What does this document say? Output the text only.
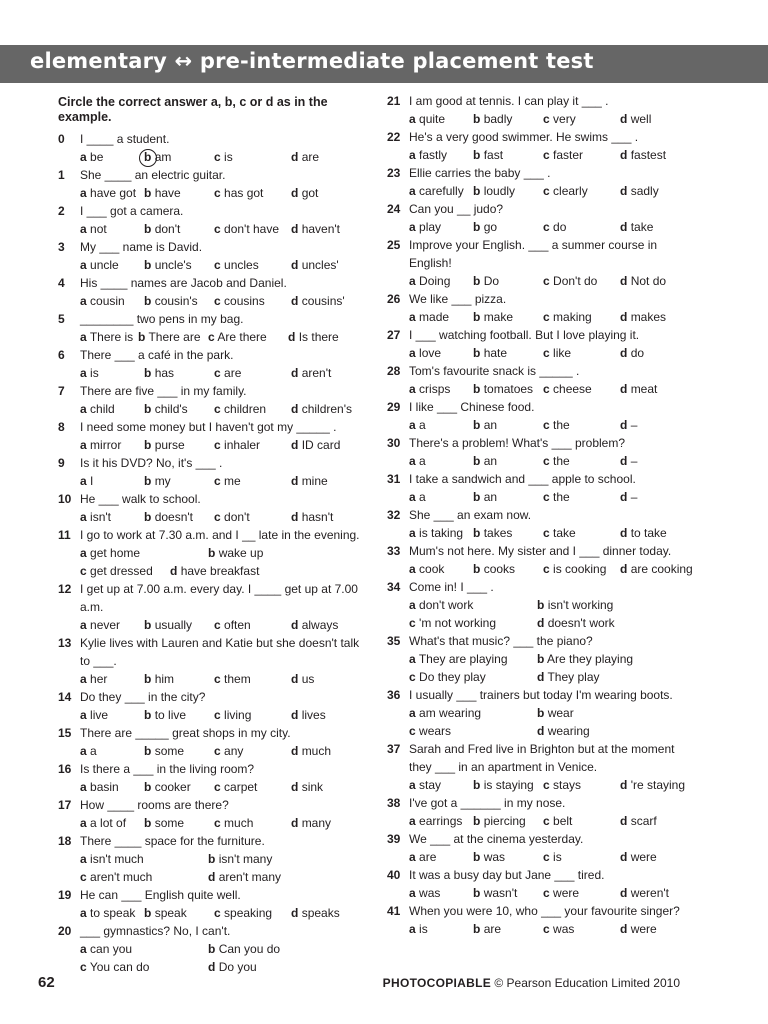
elementary ↔ pre-intermediate placement test
Circle the correct answer a, b, c or d as in the example.
0	I ____ a student.
a be	b am	c is	d are
1	She ____ an electric guitar.
a have got b have	c has got	d got
2	I ___ got a camera.
a not	b don't	c don't have d haven't
3	My ___ name is David.
a uncle	b uncle's	c uncles	d uncles'
4	His ____ names are Jacob and Daniel.
a cousin	b cousin's	c cousins	d cousins'
5	________ two pens in my bag.
a There is b There are c Are there	d Is there
6	There ___ a café in the park.
a is	b has	c are	d aren't
7	There are five ___ in my family.
a child	b child's	c children	d children's
8	I need some money but I haven't got my _____ .
a mirror	b purse	c inhaler	d ID card
9	Is it his DVD? No, it's ___ .
a I	b my	c me	d mine
10 He ___ walk to school.
a isn't	b doesn't	c don't	d hasn't
11 I go to work at 7.30 a.m. and I __ late in the evening.
a get home	b wake up
c get dressed	d have breakfast
12 I get up at 7.00 a.m. every day. I ____ get up at 7.00 a.m.
a never	b usually	c often	d always
13 Kylie lives with Lauren and Katie but she doesn't talk to ___.
a her	b him	c them	d us
14 Do they ___ in the city?
a live	b to live	c living	d lives
15 There are _____ great shops in my city.
a a	b some	c any	d much
16 Is there a ___ in the living room?
a basin	b cooker	c carpet	d sink
17 How ____ rooms are there?
a a lot of	b some	c much	d many
18 There ____ space for the furniture.
a isn't much	b isn't many
c aren't much	d aren't many
19 He can ___ English quite well.
a to speak b speak	c speaking	d speaks
20 ___ gymnastics? No, I can't.
a can you	b Can you do
c You can do	d Do you
21 I am good at tennis. I can play it ___ .
a quite	b badly	c very	d well
22 He's a very good swimmer. He swims ___ .
a fastly	b fast	c faster	d fastest
23 Ellie carries the baby ___ .
a carefully b loudly	c clearly	d sadly
24 Can you __ judo?
a play	b go	c do	d take
25 Improve your English. ___ a summer course in English!
a Doing	b Do	c Don't do	d Not do
26 We like ___ pizza.
a made	b make	c making	d makes
27 I ___ watching football. But I love playing it.
a love	b hate	c like	d do
28 Tom's favourite snack is _____ .
a crisps	b tomatoes c cheese	d meat
29 I like ___ Chinese food.
a a	b an	c the	d –
30 There's a problem! What's ___ problem?
a a	b an	c the	d –
31 I take a sandwich and ___ apple to school.
a a	b an	c the	d –
32 She ___ an exam now.
a is taking b takes	c take	d to take
33 Mum's not here. My sister and I ___ dinner today.
a cook	b cooks	c is cooking	d are cooking
34 Come in! I ___ .
a don't work	b isn't working
c 'm not working	d doesn't work
35 What's that music? ___ the piano?
a They are playing	b Are they playing
c Do they play	d They play
36 I usually ___ trainers but today I'm wearing boots.
a am wearing	b wear
c wears	d wearing
37 Sarah and Fred live in Brighton but at the moment they ___ in an apartment in Venice.
a stay	b is staying c stays	d 're staying
38 I've got a ______ in my nose.
a earrings b piercing	c belt	d scarf
39 We ___ at the cinema yesterday.
a are	b was	c is	d were
40 It was a busy day but Jane ___ tired.
a was	b wasn't	c were	d weren't
41 When you were 10, who ___ your favourite singer?
a is	b are	c was	d were
62	PHOTOCOPIABLE © Pearson Education Limited 2010
